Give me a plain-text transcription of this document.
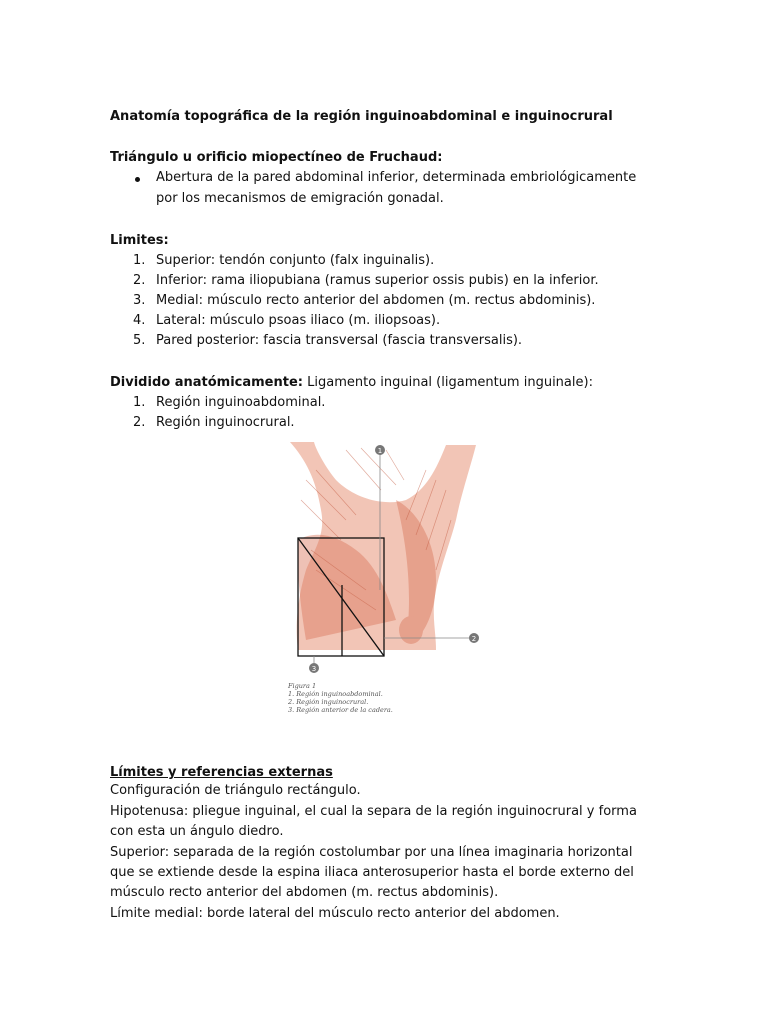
Anatomía topográfica de la región inguinoabdominal e inguinocrural
Triángulo u orificio miopectíneo de Fruchaud:
Abertura de la pared abdominal inferior, determinada embriológicamente
por los mecanismos de emigración gonadal.
Limites:
1. Superior: tendón conjunto (falx inguinalis).
2. Inferior: rama iliopubiana (ramus superior ossis pubis) en la inferior.
3. Medial: músculo recto anterior del abdomen (m. rectus abdominis).
4. Lateral: músculo psoas iliaco (m. iliopsoas).
5. Pared posterior: fascia transversal (fascia transversalis).
Dividido anatómicamente: Ligamento inguinal (ligamentum inguinale):
1. Región inguinoabdominal.
2. Región inguinocrural.
1
2
3
Figura 1
1. Región inguinoabdominal.
2. Región inguinocrural.
3. Región anterior de la cadera.
Límites y referencias externas
Configuración de triángulo rectángulo.
Hipotenusa: pliegue inguinal, el cual la separa de la región inguinocrural y forma
con esta un ángulo diedro.
Superior: separada de la región costolumbar por una línea imaginaria horizontal
que se extiende desde la espina iliaca anterosuperior hasta el borde externo del
músculo recto anterior del abdomen (m. rectus abdominis).
Límite medial: borde lateral del músculo recto anterior del abdomen.
